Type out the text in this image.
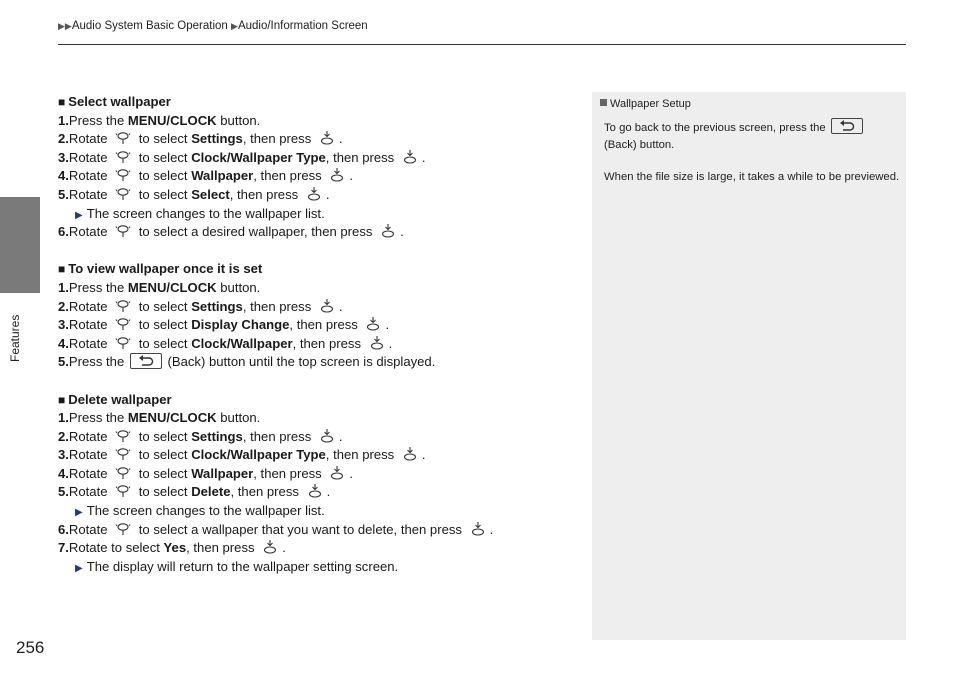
▶▶Audio System Basic Operation ▶Audio/Information Screen
Features
256
■ Select wallpaper
1.Press the MENU/CLOCK button.
2.Rotate  to select Settings, then press .
3.Rotate  to select Clock/Wallpaper Type, then press .
4.Rotate  to select Wallpaper, then press .
5.Rotate  to select Select, then press .
▶ The screen changes to the wallpaper list.
6.Rotate  to select a desired wallpaper, then press .
■ To view wallpaper once it is set
1.Press the MENU/CLOCK button.
2.Rotate  to select Settings, then press .
3.Rotate  to select Display Change, then press .
4.Rotate  to select Clock/Wallpaper, then press .
5.Press the	(Back) button until the top screen is displayed.
■ Delete wallpaper
1.Press the MENU/CLOCK button.
2.Rotate  to select Settings, then press .
3.Rotate  to select Clock/Wallpaper Type, then press .
4.Rotate  to select Wallpaper, then press .
5.Rotate  to select Delete, then press .
▶ The screen changes to the wallpaper list.
6.Rotate  to select a wallpaper that you want to delete, then press .
7.Rotate to select Yes, then press .
▶ The display will return to the wallpaper setting screen.
Wallpaper Setup

To go back to the previous screen, press the

(Back) button.

When the file size is large, it takes a while to be previewed.
